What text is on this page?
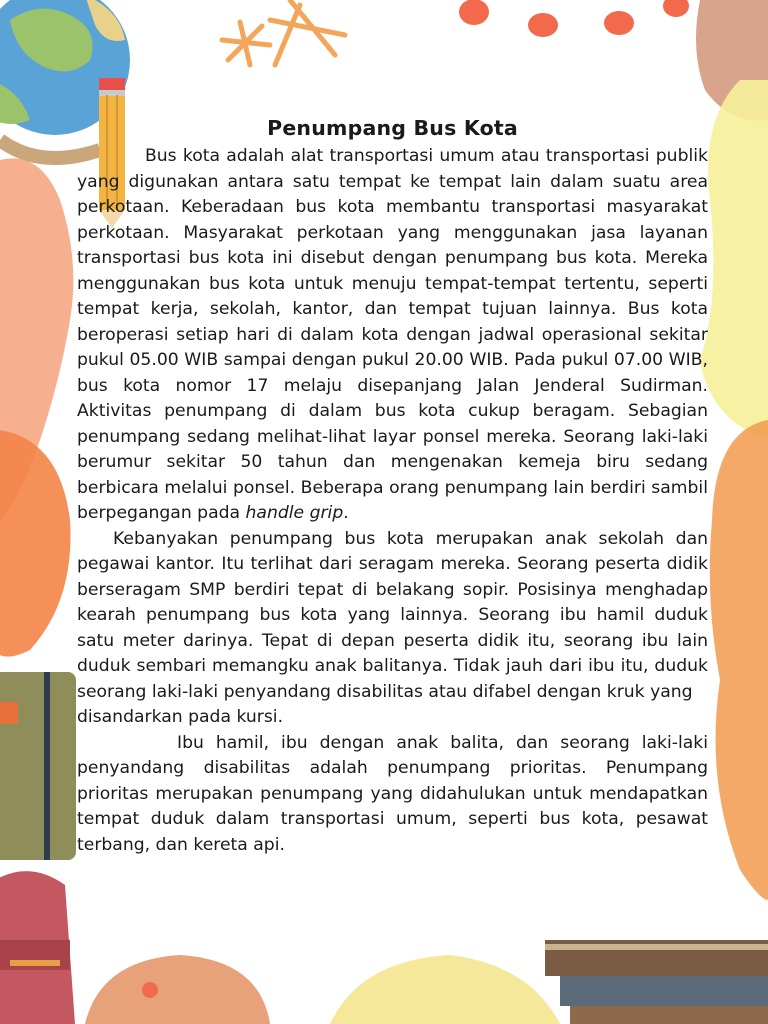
Penumpang Bus Kota

Bus kota adalah alat transportasi umum atau transportasi publik yang digunakan antara satu tempat ke tempat lain dalam suatu area perkotaan. Keberadaan bus kota membantu transportasi masyarakat perkotaan. Masyarakat perkotaan yang menggunakan jasa layanan transportasi bus kota ini disebut dengan penumpang bus kota. Mereka menggunakan bus kota untuk menuju tempat-tempat tertentu, seperti tempat kerja, sekolah, kantor, dan tempat tujuan lainnya. Bus kota beroperasi setiap hari di dalam kota dengan jadwal operasional sekitar pukul 05.00 WIB sampai dengan pukul 20.00 WIB. Pada pukul 07.00 WIB, bus kota nomor 17 melaju disepanjang Jalan Jenderal Sudirman. Aktivitas penumpang di dalam bus kota cukup beragam. Sebagian penumpang sedang melihat-lihat layar ponsel mereka. Seorang laki-laki berumur sekitar 50 tahun dan mengenakan kemeja biru sedang berbicara melalui ponsel. Beberapa orang penumpang lain berdiri sambil berpegangan pada handle grip.

Kebanyakan penumpang bus kota merupakan anak sekolah dan pegawai kantor. Itu terlihat dari seragam mereka. Seorang peserta didik berseragam SMP berdiri tepat di belakang sopir. Posisinya menghadap kearah penumpang bus kota yang lainnya. Seorang ibu hamil duduk satu meter darinya. Tepat di depan peserta didik itu, seorang ibu lain duduk sembari memangku anak balitanya. Tidak jauh dari ibu itu, duduk seorang laki-laki penyandang disabilitas atau difabel dengan kruk yang

disandarkan pada kursi.

Ibu hamil, ibu dengan anak balita, dan seorang laki-laki penyandang disabilitas adalah penumpang prioritas. Penumpang prioritas merupakan penumpang yang didahulukan untuk mendapatkan tempat duduk dalam transportasi umum, seperti bus kota, pesawat terbang, dan kereta api.
